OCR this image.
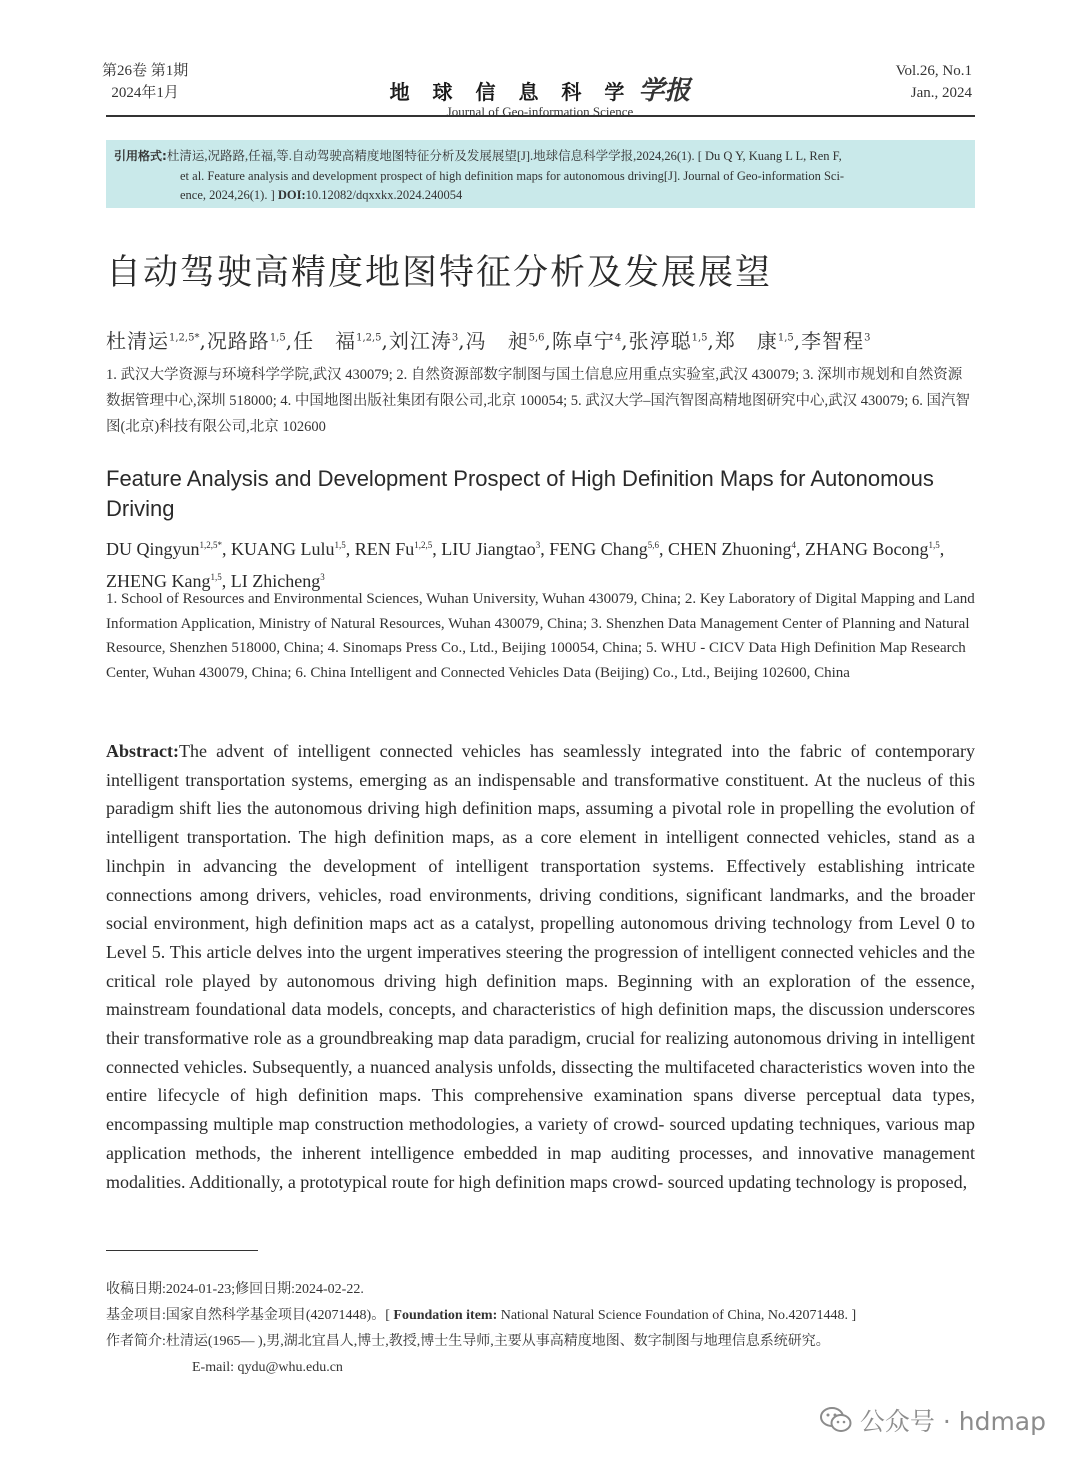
第26卷 第1期
2024年1月	地 球 信 息 科 学 学报
Journal of Geo-information Science
Vol.26, No.1
Jan., 2024
引用格式:杜清运,况路路,任福,等.自动驾驶高精度地图特征分析及发展展望[J].地球信息科学学报,2024,26(1). [ Du Q Y, Kuang L L, Ren F,
et al. Feature analysis and development prospect of high definition maps for autonomous driving[J]. Journal of Geo-information Sci-
ence, 2024,26(1). ] DOI:10.12082/dqxxkx.2024.240054
自动驾驶高精度地图特征分析及发展展望
杜清运$^{1,2,5*}$,况路路$^{1,5}$,任　福$^{1,2,5}$,刘江涛$^3$,冯　昶$^{5,6}$,陈卓宁$^4$,张渟聪$^{1,5}$,郑　康$^{1,5}$,李智程$^3$
1. 武汉大学资源与环境科学学院,武汉 430079; 2. 自然资源部数字制图与国土信息应用重点实验室,武汉 430079; 3. 深圳市规划和自然资源数据管理中心,深圳 518000; 4. 中国地图出版社集团有限公司,北京 100054; 5. 武汉大学–国汽智图高精地图研究中心,武汉 430079; 6. 国汽智图(北京)科技有限公司,北京 102600
Feature Analysis and Development Prospect of High Definition Maps for Autonomous Driving
DU Qingyun$^{1,2,5*}$, KUANG Lulu$^{1,5}$, REN Fu$^{1,2,5}$, LIU Jiangtao$^3$, FENG Chang$^{5,6}$, CHEN Zhuoning$^4$, ZHANG Bocong$^{1,5}$, ZHENG Kang$^{1,5}$, LI Zhicheng$^3$
1. School of Resources and Environmental Sciences, Wuhan University, Wuhan 430079, China; 2. Key Laboratory of Digital Mapping and Land Information Application, Ministry of Natural Resources, Wuhan 430079, China; 3. Shenzhen Data Management Center of Planning and Natural Resource, Shenzhen 518000, China; 4. Sinomaps Press Co., Ltd., Beijing 100054, China; 5. WHU - CICV Data High Definition Map Research Center, Wuhan 430079, China; 6. China Intelligent and Connected Vehicles Data (Beijing) Co., Ltd., Beijing 102600, China
Abstract:The advent of intelligent connected vehicles has seamlessly integrated into the fabric of contemporary intelligent transportation systems, emerging as an indispensable and transformative constituent. At the nucleus of this paradigm shift lies the autonomous driving high definition maps, assuming a pivotal role in propelling the evolution of intelligent transportation. The high definition maps, as a core element in intelligent connected vehicles, stand as a linchpin in advancing the development of intelligent transportation systems. Effectively establishing intricate connections among drivers, vehicles, road environments, driving conditions, significant landmarks, and the broader social environment, high definition maps act as a catalyst, propelling autonomous driving technology from Level 0 to Level 5. This article delves into the urgent imperatives steering the progression of intelligent connected vehicles and the critical role played by autonomous driving high definition maps. Beginning with an exploration of the essence, mainstream foundational data models, concepts, and characteristics of high definition maps, the discussion underscores their transformative role as a groundbreaking map data paradigm, crucial for realizing autonomous driving in intelligent connected vehicles. Subsequently, a nuanced analysis unfolds, dissecting the multifaceted characteristics woven into the entire lifecycle of high definition maps. This comprehensive examination spans diverse perceptual data types, encompassing multiple map construction methodologies, a variety of crowd- sourced updating techniques, various map application methods, the inherent intelligence embedded in map auditing processes, and innovative management modalities. Additionally, a prototypical route for high definition maps crowd- sourced updating technology is proposed,
收稿日期:2024-01-23;修回日期:2024-02-22.
基金项目:国家自然科学基金项目(42071448)。[ Foundation item: National Natural Science Foundation of China, No.42071448. ]
作者简介:杜清运(1965— ),男,湖北宜昌人,博士,教授,博士生导师,主要从事高精度地图、数字制图与地理信息系统研究。
E-mail: qydu@whu.edu.cn
公众号 · hdmap
